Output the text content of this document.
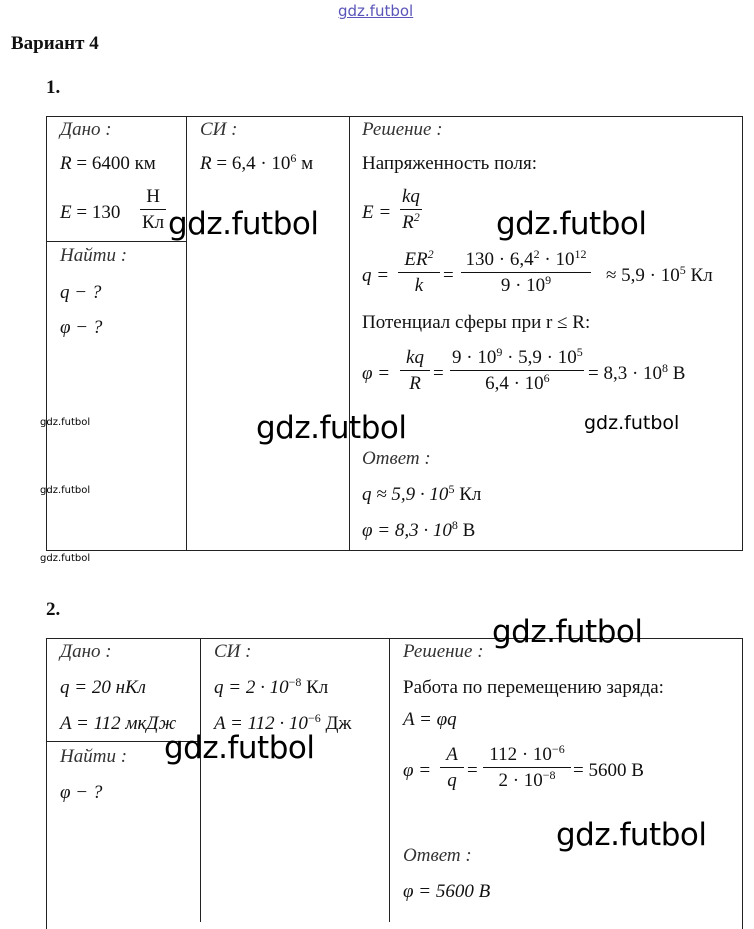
gdz.futbol
Вариант 4
1.
Дано :
R = 6400 км
E = 130
Н
Кл
Найти :
q − ?
φ − ?
СИ :
$R = 6,4 \cdot 10^6$ м
Решение :
Напряженность поля:
$E = \frac{kq}{R^2}$
$q = \frac{ER^2}{k} = \frac{130 \cdot 6,4^2 \cdot 10^{12}}{9 \cdot 10^9} \approx 5,9 \cdot 10^5$ Кл
Потенциал сферы при r ≤ R:
$\varphi = \frac{kq}{R} = \frac{9 \cdot 10^9 \cdot 5,9 \cdot 10^5}{6,4 \cdot 10^6} = 8,3 \cdot 10^8$ В
Ответ :
$q \approx 5,9 \cdot 10^5$ Кл
$\varphi = 8,3 \cdot 10^8$ В
2.
Дано :
q = 20 нКл
A = 112 мкДж
Найти :
φ − ?
СИ :
$q = 2 \cdot 10^{-8}$ Кл
$A = 112 \cdot 10^{-6}$ Дж
Решение :
Работа по перемещению заряда:
A = φq
$\varphi = \frac{A}{q} = \frac{112 \cdot 10^{-6}}{2 \cdot 10^{-8}} = 5600$ В
Ответ :
φ = 5600 В
gdz.futbol	gdz.futbol
gdz.futbol	gdz.futbol
gdz.futbol
gdz.futbol
gdz.futbol
gdz.futbol
gdz.futbol
gdz.futbol
